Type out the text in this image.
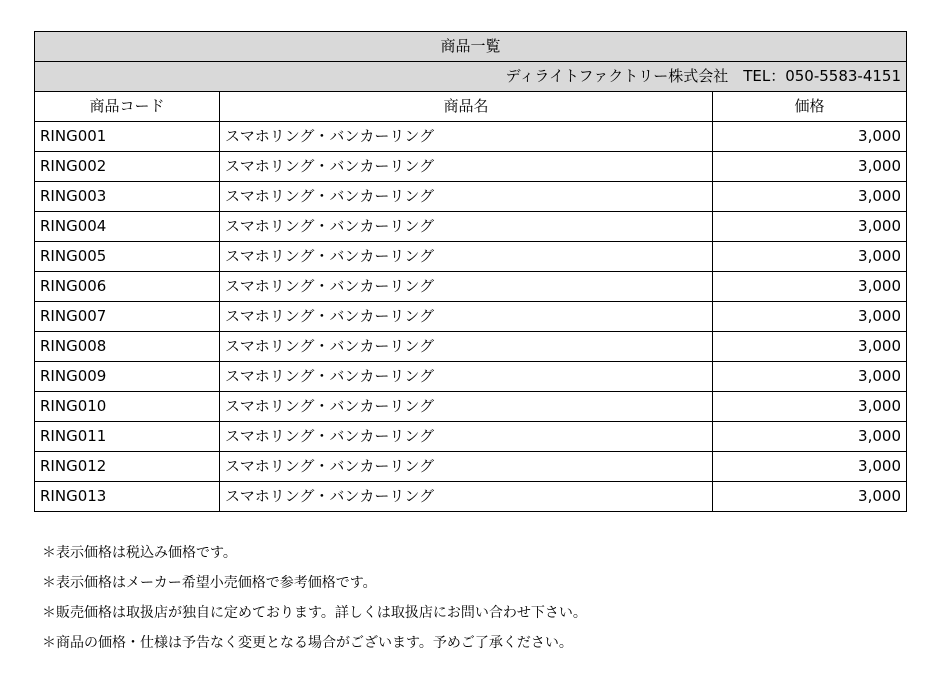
商品一覧		
ディライトファクトリー株式会社　TEL：050-5583-4151		
商品コード	商品名	価格
RING001	スマホリング・バンカーリング	3,000
RING002	スマホリング・バンカーリング	3,000
RING003	スマホリング・バンカーリング	3,000
RING004	スマホリング・バンカーリング	3,000
RING005	スマホリング・バンカーリング	3,000
RING006	スマホリング・バンカーリング	3,000
RING007	スマホリング・バンカーリング	3,000
RING008	スマホリング・バンカーリング	3,000
RING009	スマホリング・バンカーリング	3,000
RING010	スマホリング・バンカーリング	3,000
RING011	スマホリング・バンカーリング	3,000
RING012	スマホリング・バンカーリング	3,000
RING013	スマホリング・バンカーリング	3,000
＊表示価格は税込み価格です。
＊表示価格はメーカー希望小売価格で参考価格です。
＊販売価格は取扱店が独自に定めております。詳しくは取扱店にお問い合わせ下さい。
＊商品の価格・仕様は予告なく変更となる場合がございます。予めご了承ください。
